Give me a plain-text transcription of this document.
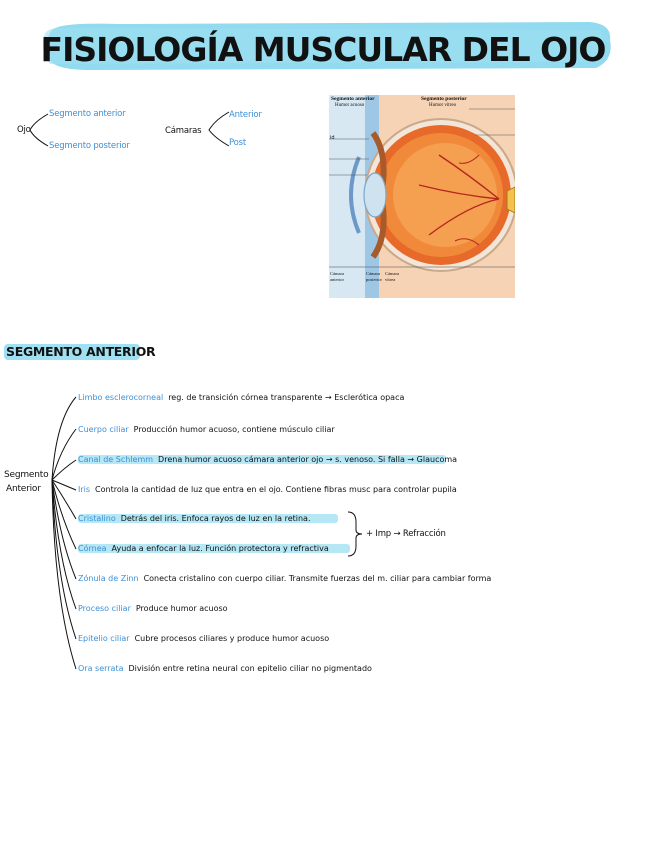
FISIOLOGÍA MUSCULAR DEL OJO
Ojo
Segmento anterior
Segmento posterior
Cámaras
Anterior
Post
Segmento anterior
Humor acuoso
Segmento posterior
Humor vítreo
id
Cámara anterior
Cámara posterior
Cámara vítrea
SEGMENTO ANTERIOR
Segmento
Anterior
Limbo esclerocorneal reg. de transición córnea transparente → Esclerótica opaca
Cuerpo ciliar Producción humor acuoso, contiene músculo ciliar
Canal de Schlemm Drena humor acuoso cámara anterior ojo → s. venoso. Si falla → Glaucoma
Iris Controla la cantidad de luz que entra en el ojo. Contiene fibras musc para controlar pupila
Cristalino Detrás del iris. Enfoca rayos de luz en la retina.
Córnea Ayuda a enfocar la luz. Función protectora y refractiva
Zónula de Zinn Conecta cristalino con cuerpo ciliar. Transmite fuerzas del m. ciliar para cambiar forma
Proceso ciliar Produce humor acuoso
Epitelio ciliar Cubre procesos ciliares y produce humor acuoso
Ora serrata División entre retina neural con epitelio ciliar no pigmentado
+ Imp → Refracción
